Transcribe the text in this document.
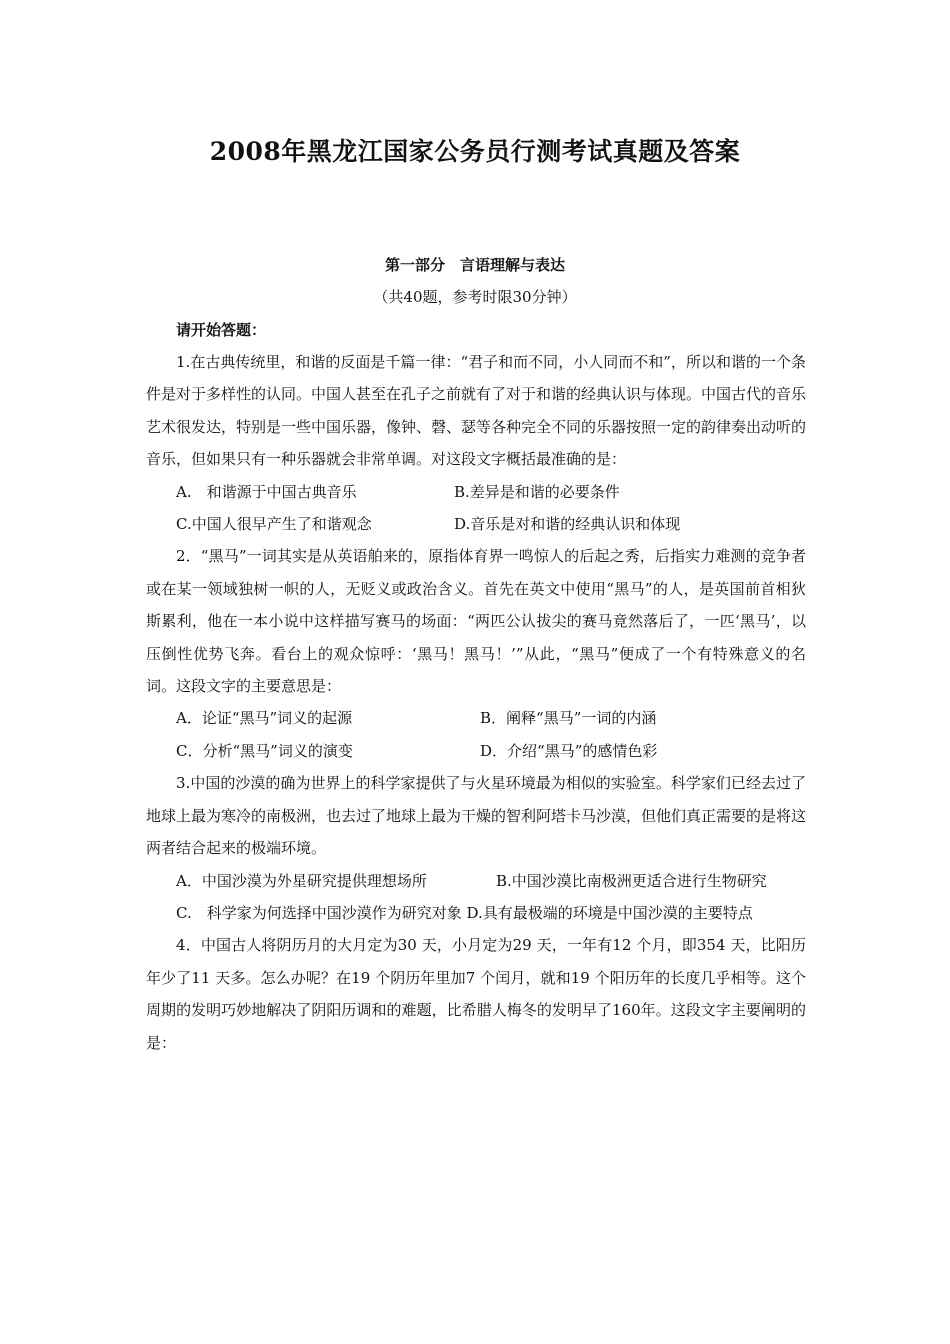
2008年黑龙江国家公务员行测考试真题及答案
第一部分　言语理解与表达
（共40题，参考时限30分钟）
请开始答题：

1.在古典传统里，和谐的反面是千篇一律：“君子和而不同，小人同而不和”，所以和谐的一个条件是对于多样性的认同。中国人甚至在孔子之前就有了对于和谐的经典认识与体现。中国古代的音乐艺术很发达，特别是一些中国乐器，像钟、磬、瑟等各种完全不同的乐器按照一定的韵律奏出动听的音乐，但如果只有一种乐器就会非常单调。对这段文字概括最准确的是：

A.　和谐源于中国古典音乐	B.差异是和谐的必要条件
C.中国人很早产生了和谐观念	D.音乐是对和谐的经典认识和体现

2．“黑马”一词其实是从英语舶来的，原指体育界一鸣惊人的后起之秀，后指实力难测的竞争者或在某一领域独树一帜的人，无贬义或政治含义。首先在英文中使用“黑马”的人，是英国前首相狄斯累利，他在一本小说中这样描写赛马的场面：“两匹公认拔尖的赛马竟然落后了，一匹‘黑马’，以压倒性优势飞奔。看台上的观众惊呼：‘黑马！黑马！’”从此，“黑马”便成了一个有特殊意义的名词。这段文字的主要意思是：

A．论证“黑马”词义的起源	B．阐释“黑马”一词的内涵
C．分析“黑马”词义的演变	D．介绍“黑马”的感情色彩

3.中国的沙漠的确为世界上的科学家提供了与火星环境最为相似的实验室。科学家们已经去过了地球上最为寒冷的南极洲，也去过了地球上最为干燥的智利阿塔卡马沙漠，但他们真正需要的是将这两者结合起来的极端环境。

A．中国沙漠为外星研究提供理想场所	B.中国沙漠比南极洲更适合进行生物研究

C.　科学家为何选择中国沙漠作为研究对象 D.具有最极端的环境是中国沙漠的主要特点

4．中国古人将阴历月的大月定为30 天，小月定为29 天，一年有12 个月，即354 天，比阳历年少了11 天多。怎么办呢？在19 个阴历年里加7 个闰月，就和19 个阳历年的长度几乎相等。这个周期的发明巧妙地解决了阴阳历调和的难题，比希腊人梅冬的发明早了160年。这段文字主要阐明的是：
